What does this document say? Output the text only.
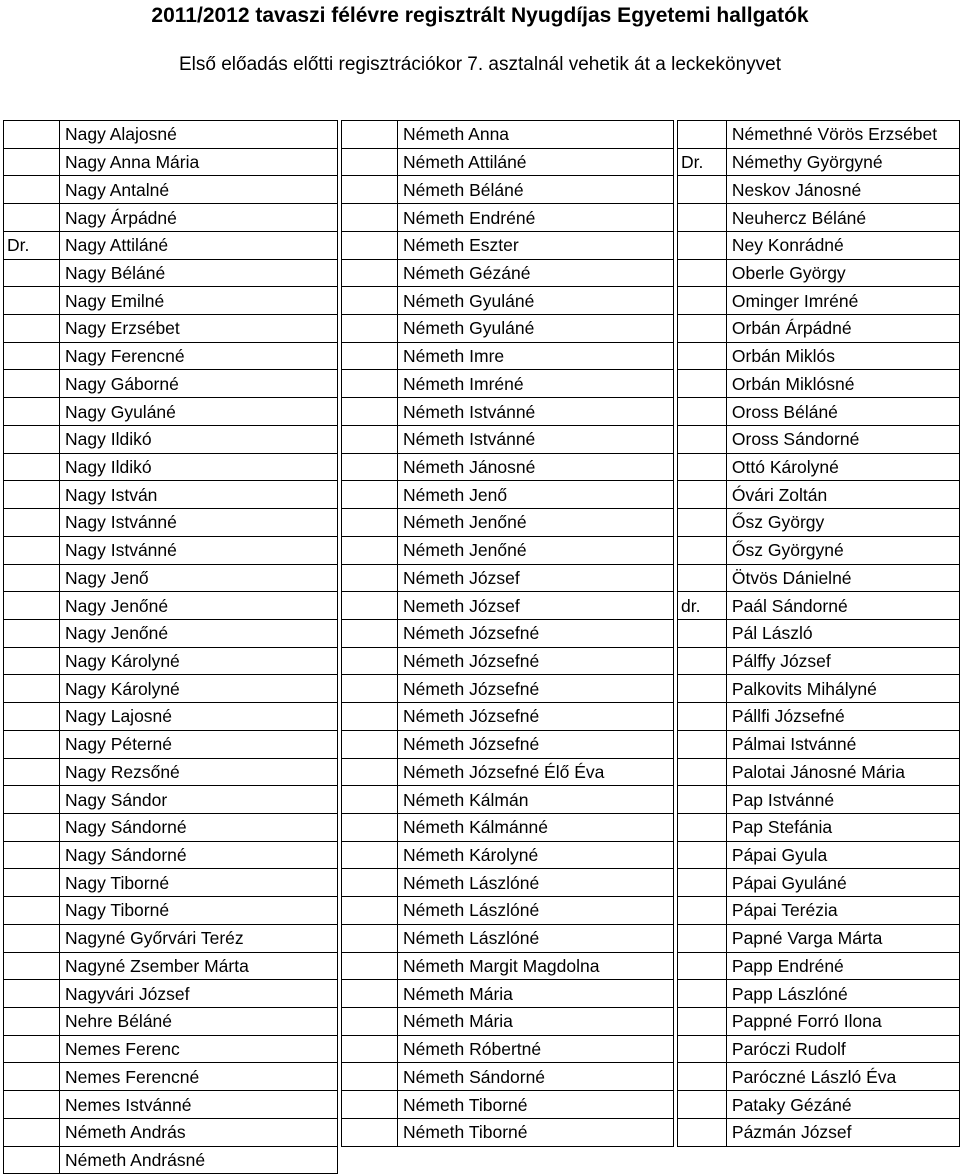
2011/2012 tavaszi félévre regisztrált Nyugdíjas Egyetemi hallgatók
Első előadás előtti regisztrációkor 7. asztalnál vehetik át a leckekönyvet
	Nagy Alajosné
	Nagy Anna Mária
	Nagy Antalné
	Nagy Árpádné
Dr.	Nagy Attiláné
	Nagy Béláné
	Nagy Emilné
	Nagy Erzsébet
	Nagy Ferencné
	Nagy Gáborné
	Nagy Gyuláné
	Nagy Ildikó
	Nagy Ildikó
	Nagy István
	Nagy Istvánné
	Nagy Istvánné
	Nagy Jenő
	Nagy Jenőné
	Nagy Jenőné
	Nagy Károlyné
	Nagy Károlyné
	Nagy Lajosné
	Nagy Péterné
	Nagy Rezsőné
	Nagy Sándor
	Nagy Sándorné
	Nagy Sándorné
	Nagy Tiborné
	Nagy Tiborné
	Nagyné Győrvári Teréz
	Nagyné Zsember Márta
	Nagyvári József
	Nehre Béláné
	Nemes Ferenc
	Nemes Ferencné
	Nemes Istvánné
	Németh András
	Németh Andrásné
	Németh Anna
	Németh Attiláné
	Németh Béláné
	Németh Endréné
	Németh Eszter
	Németh Gézáné
	Németh Gyuláné
	Németh Gyuláné
	Németh Imre
	Németh Imréné
	Németh Istvánné
	Németh Istvánné
	Németh Jánosné
	Németh Jenő
	Németh Jenőné
	Németh Jenőné
	Németh József
	Nemeth József
	Németh Józsefné
	Németh Józsefné
	Németh Józsefné
	Németh Józsefné
	Németh Józsefné
	Németh Józsefné Élő Éva
	Németh Kálmán
	Németh Kálmánné
	Németh Károlyné
	Németh Lászlóné
	Németh Lászlóné
	Németh Lászlóné
	Németh Margit Magdolna
	Németh Mária
	Németh Mária
	Németh Róbertné
	Németh Sándorné
	Németh Tiborné
	Németh Tiborné
	Némethné Vörös Erzsébet
Dr.	Némethy Györgyné
	Neskov Jánosné
	Neuhercz Béláné
	Ney Konrádné
	Oberle György
	Ominger Imréné
	Orbán Árpádné
	Orbán Miklós
	Orbán Miklósné
	Oross Béláné
	Oross Sándorné
	Ottó Károlyné
	Óvári Zoltán
	Ősz György
	Ősz Györgyné
	Ötvös Dánielné
dr.	Paál Sándorné
	Pál László
	Pálffy József
	Palkovits Mihályné
	Pállfi Józsefné
	Pálmai Istvánné
	Palotai Jánosné Mária
	Pap Istvánné
	Pap Stefánia
	Pápai Gyula
	Pápai Gyuláné
	Pápai Terézia
	Papné Varga Márta
	Papp Endréné
	Papp Lászlóné
	Pappné Forró Ilona
	Paróczi Rudolf
	Paróczné László Éva
	Pataky Gézáné
	Pázmán József
